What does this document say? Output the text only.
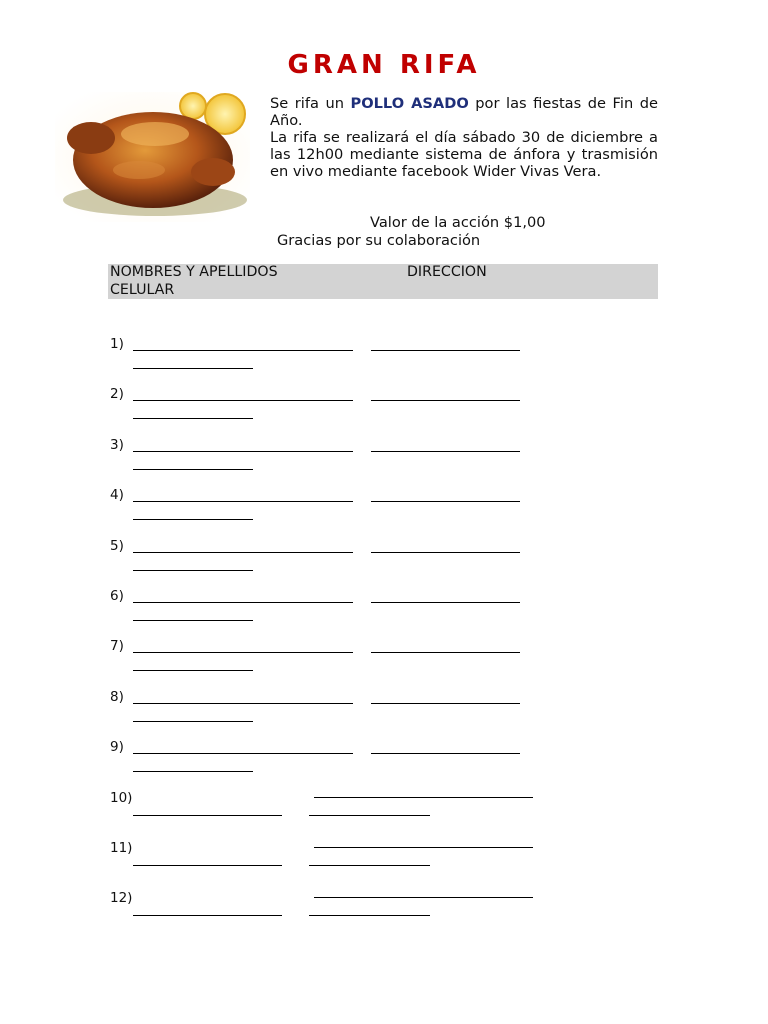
GRAN RIFA

Se rifa un POLLO ASADO por las fiestas de Fin de Año.

La rifa se realizará el día sábado 30 de diciembre a las 12h00 mediante sistema de ánfora y trasmisión en vivo mediante facebook Wider Vivas Vera.

Valor de la acción $1,00
Gracias por su colaboración
NOMBRES Y APELLIDOS	DIRECCION
CELULAR
1)
2)
3)
4)
5)
6)
7)
8)
9)
10)
11)
12)
